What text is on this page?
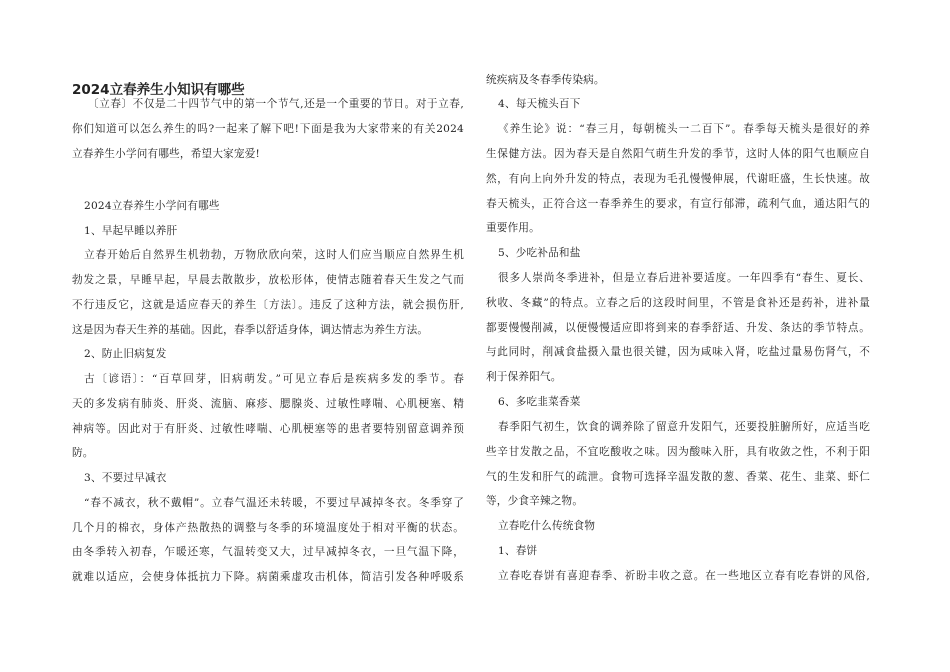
2024立春养生小知识有哪些
〔立春〕不仅是二十四节气中的第一个节气,还是一个重要的节日。对于立春,
你们知道可以怎么养生的吗?一起来了解下吧!下面是我为大家带来的有关2024
立春养生小学问有哪些，希望大家宠爱!
2024立春养生小学问有哪些
1、早起早睡以养肝
立春开始后自然界生机勃勃，万物欣欣向荣，这时人们应当顺应自然界生机
勃发之景，早睡早起，早晨去散散步，放松形体，使情志随着春天生发之气而
不行违反它，这就是适应春天的养生〔方法〕。违反了这种方法，就会损伤肝,
这是因为春天生养的基础。因此，春季以舒适身体，调达情志为养生方法。
2、防止旧病复发
古〔谚语〕：“百草回芽，旧病萌发。”可见立春后是疾病多发的季节。春
天的多发病有肺炎、肝炎、流脑、麻疹、腮腺炎、过敏性哮喘、心肌梗塞、精
神病等。因此对于有肝炎、过敏性哮喘、心肌梗塞等的患者要特别留意调养预
防。
3、不要过早减衣
“春不减衣，秋不戴帽”。立春气温还未转暖，不要过早减掉冬衣。冬季穿了
几个月的棉衣，身体产热散热的调整与冬季的环境温度处于相对平衡的状态。
由冬季转入初春，乍暖还寒，气温转变又大，过早减掉冬衣，一旦气温下降，
就难以适应，会使身体抵抗力下降。病菌乘虚攻击机体，简洁引发各种呼吸系
统疾病及冬春季传染病。
4、每天梳头百下
《养生论》说：“春三月，每朝梳头一二百下”。春季每天梳头是很好的养
生保健方法。因为春天是自然阳气萌生升发的季节，这时人体的阳气也顺应自
然，有向上向外升发的特点，表现为毛孔慢慢伸展，代谢旺盛，生长快速。故
春天梳头，正符合这一春季养生的要求，有宣行郁滞，疏利气血，通达阳气的
重要作用。
5、少吃补品和盐
很多人崇尚冬季进补，但是立春后进补要适度。一年四季有“春生、夏长、
秋收、冬藏”的特点。立春之后的这段时间里，不管是食补还是药补，进补量
都要慢慢削减，以便慢慢适应即将到来的春季舒适、升发、条达的季节特点。
与此同时，削减食盐摄入量也很关键，因为咸味入肾，吃盐过量易伤肾气，不
利于保养阳气。
6、多吃韭菜香菜
春季阳气初生，饮食的调养除了留意升发阳气，还要投脏腑所好，应适当吃
些辛甘发散之品，不宜吃酸收之味。因为酸味入肝，具有收敛之性，不利于阳
气的生发和肝气的疏泄。食物可选择辛温发散的葱、香菜、花生、韭菜、虾仁
等，少食辛辣之物。
立春吃什么传统食物
1、春饼
立春吃春饼有喜迎春季、祈盼丰收之意。在一些地区立春有吃春饼的风俗,
